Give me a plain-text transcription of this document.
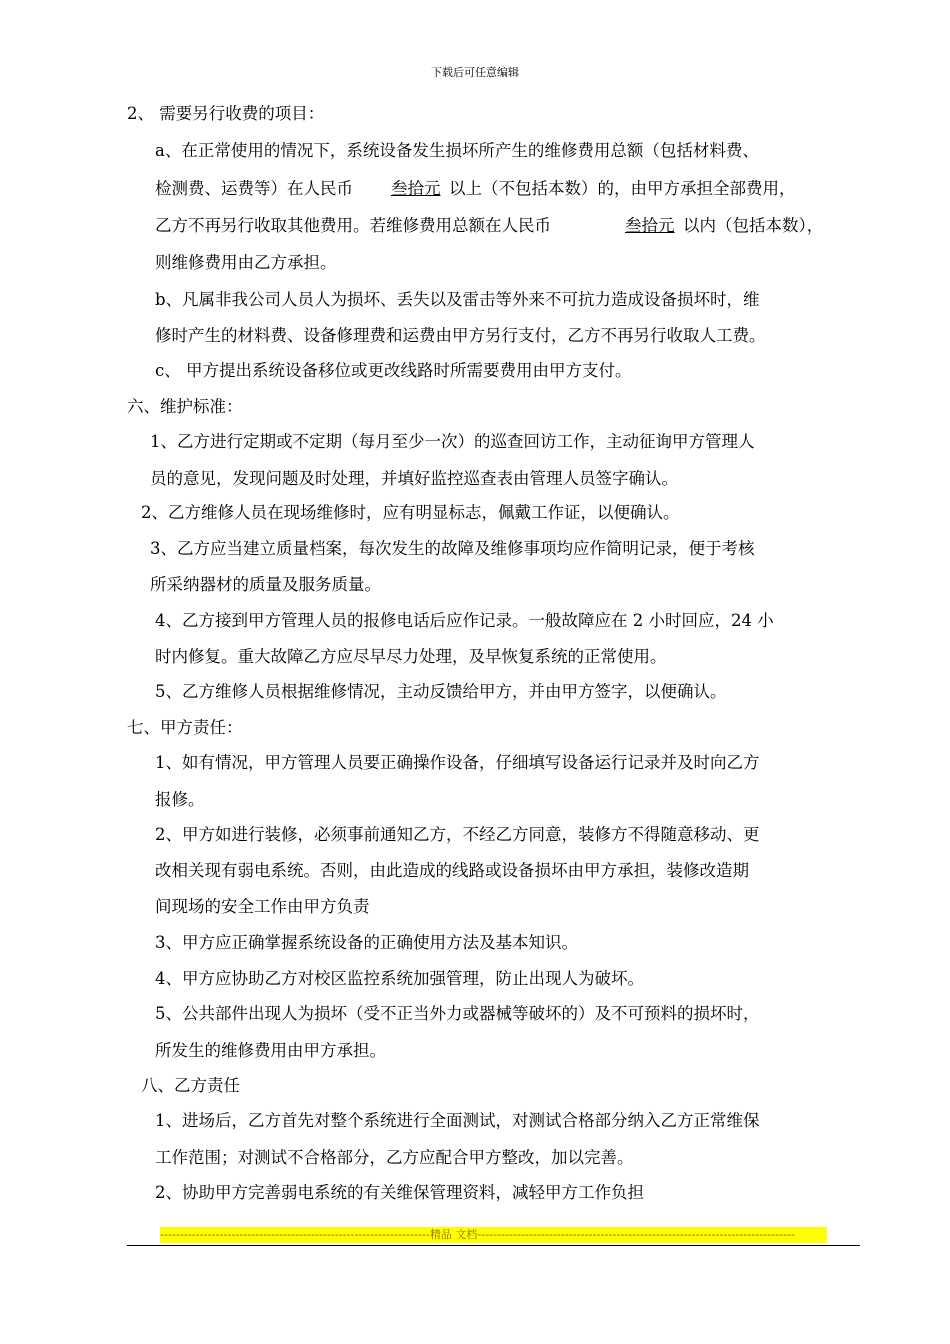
下载后可任意编辑
2、 需要另行收费的项目：
a、在正常使用的情况下，系统设备发生损坏所产生的维修费用总额（包括材料费、
检测费、运费等）在人民币 叁拾元 以上（不包括本数）的，由甲方承担全部费用，
乙方不再另行收取其他费用。若维修费用总额在人民币	叁拾元 以内（包括本数），
则维修费用由乙方承担。
b、凡属非我公司人员人为损坏、丢失以及雷击等外来不可抗力造成设备损坏时，维
修时产生的材料费、设备修理费和运费由甲方另行支付，乙方不再另行收取人工费。
c、 甲方提出系统设备移位或更改线路时所需要费用由甲方支付。
六、维护标准：
1、乙方进行定期或不定期（每月至少一次）的巡查回访工作，主动征询甲方管理人
员的意见，发现问题及时处理，并填好监控巡查表由管理人员签字确认。
2、乙方维修人员在现场维修时，应有明显标志，佩戴工作证，以便确认。
3、乙方应当建立质量档案，每次发生的故障及维修事项均应作简明记录，便于考核
所采纳器材的质量及服务质量。
4、乙方接到甲方管理人员的报修电话后应作记录。一般故障应在 2 小时回应，24 小
时内修复。重大故障乙方应尽早尽力处理，及早恢复系统的正常使用。
5、乙方维修人员根据维修情况，主动反馈给甲方，并由甲方签字，以便确认。
七、甲方责任：
1、如有情况，甲方管理人员要正确操作设备，仔细填写设备运行记录并及时向乙方
报修。
2、甲方如进行装修，必须事前通知乙方，不经乙方同意，装修方不得随意移动、更
改相关现有弱电系统。否则，由此造成的线路或设备损坏由甲方承担，装修改造期
间现场的安全工作由甲方负责
3、甲方应正确掌握系统设备的正确使用方法及基本知识。
4、甲方应协助乙方对校区监控系统加强管理，防止出现人为破坏。
5、公共部件出现人为损坏（受不正当外力或器械等破坏的）及不可预料的损坏时，
所发生的维修费用由甲方承担。
八、乙方责任
1、进场后，乙方首先对整个系统进行全面测试，对测试合格部分纳入乙方正常维保
工作范围；对测试不合格部分，乙方应配合甲方整改，加以完善。
2、协助甲方完善弱电系统的有关维保管理资料，减轻甲方工作负担
--------------------------------------------------------------------精品 文档--------------------------------------------------------------------------------
